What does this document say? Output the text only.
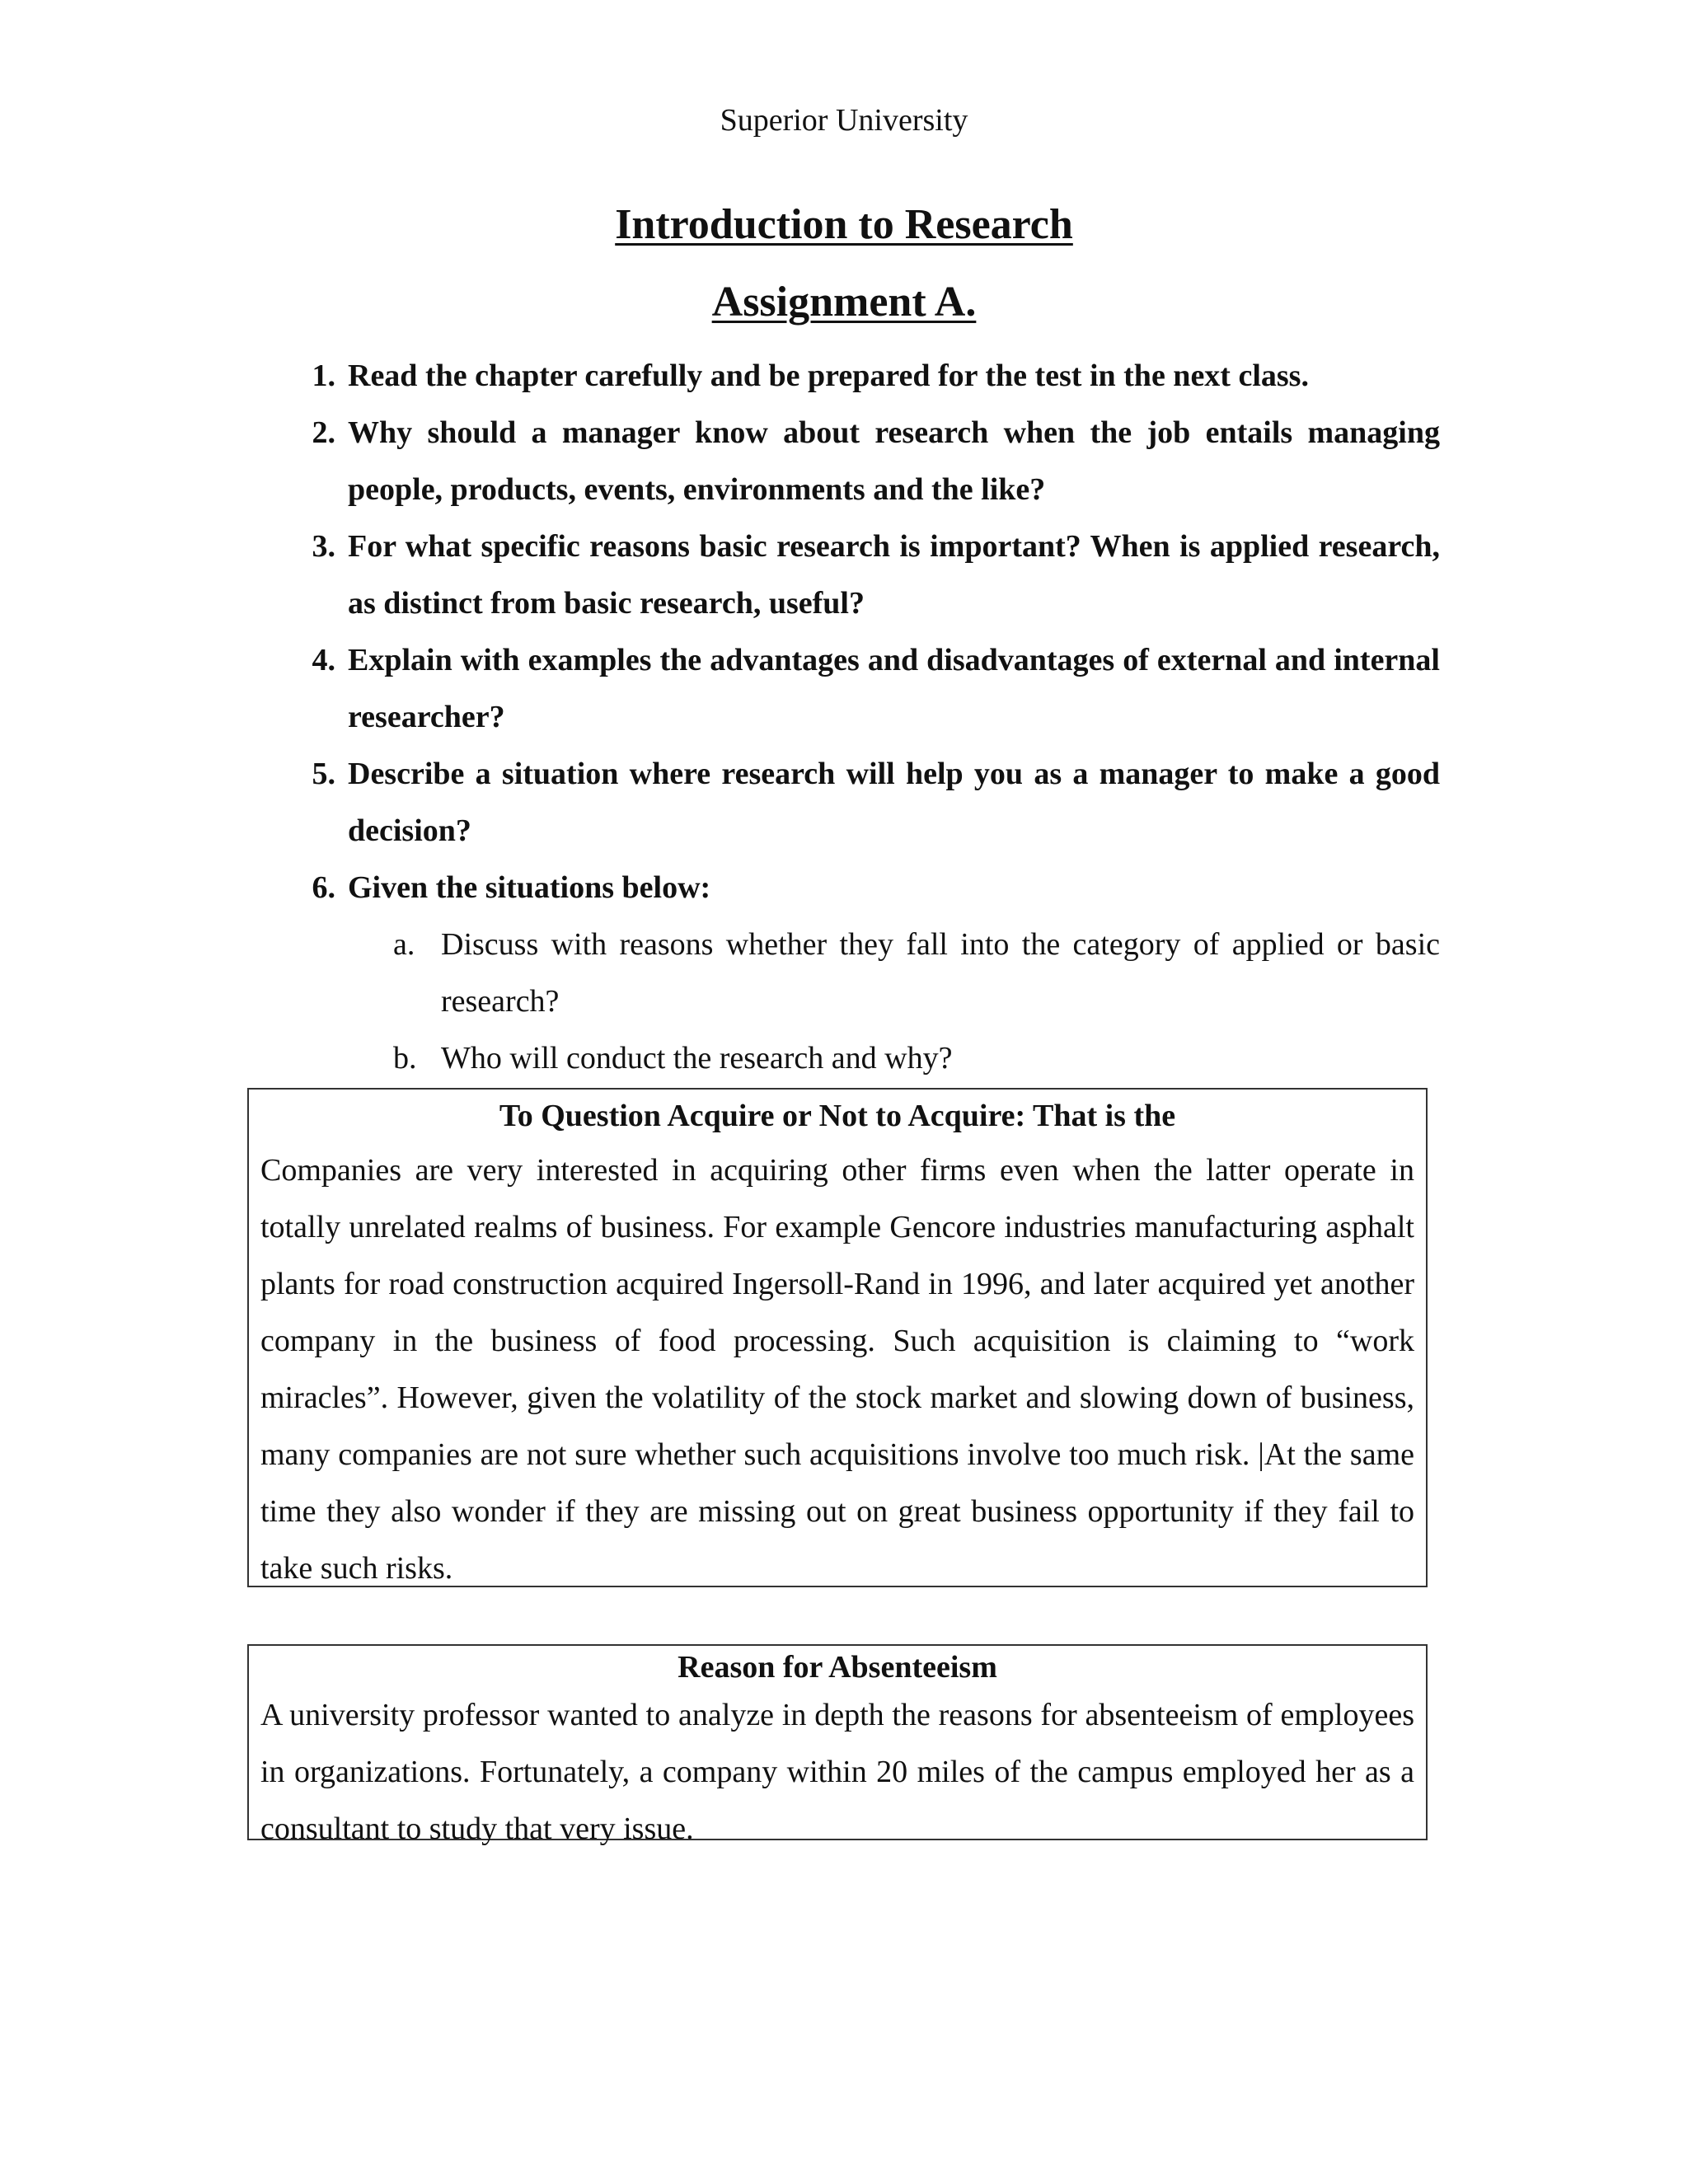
Superior University
Introduction to Research
Assignment A.
1. Read the chapter carefully and be prepared for the test in the next class.
2. Why should a manager know about research when the job entails managing people, products, events, environments and the like?
3. For what specific reasons basic research is important? When is applied research, as distinct from basic research, useful?
4. Explain with examples the advantages and disadvantages of external and internal researcher?
5. Describe a situation where research will help you as a manager to make a good decision?
6. Given the situations below:
a. Discuss with reasons whether they fall into the category of applied or basic research?
b. Who will conduct the research and why?

To Question Acquire or Not to Acquire: That is the

Companies are very interested in acquiring other firms even when the latter operate in totally unrelated realms of business. For example Gencore industries manufacturing asphalt plants for road construction acquired Ingersoll-Rand in 1996, and later acquired yet another company in the business of food processing. Such acquisition is claiming to “work miracles”. However, given the volatility of the stock market and slowing down of business, many companies are not sure whether such acquisitions involve too much risk. |At the same time they also wonder if they are missing out on great business opportunity if they fail to take such risks.

Reason for Absenteeism

A university professor wanted to analyze in depth the reasons for absenteeism of employees in organizations. Fortunately, a company within 20 miles of the campus employed her as a consultant to study that very issue.
